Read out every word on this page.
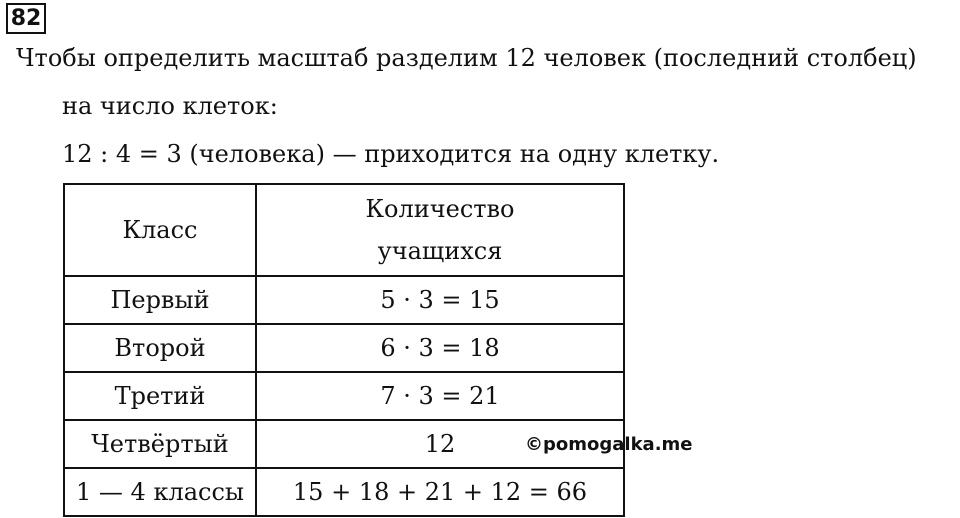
82
Чтобы определить масштаб разделим 12 человек (последний столбец)
на число клеток:
12 : 4 = 3 (человека) — приходится на одну клетку.
Класс	Количество
учащихся

Первый	5 · 3 = 15
Второй	6 · 3 = 18
Третий	7 · 3 = 21
Четвёртый	12
1 — 4 классы	15 + 18 + 21 + 12 = 66
©pomogalka.me
